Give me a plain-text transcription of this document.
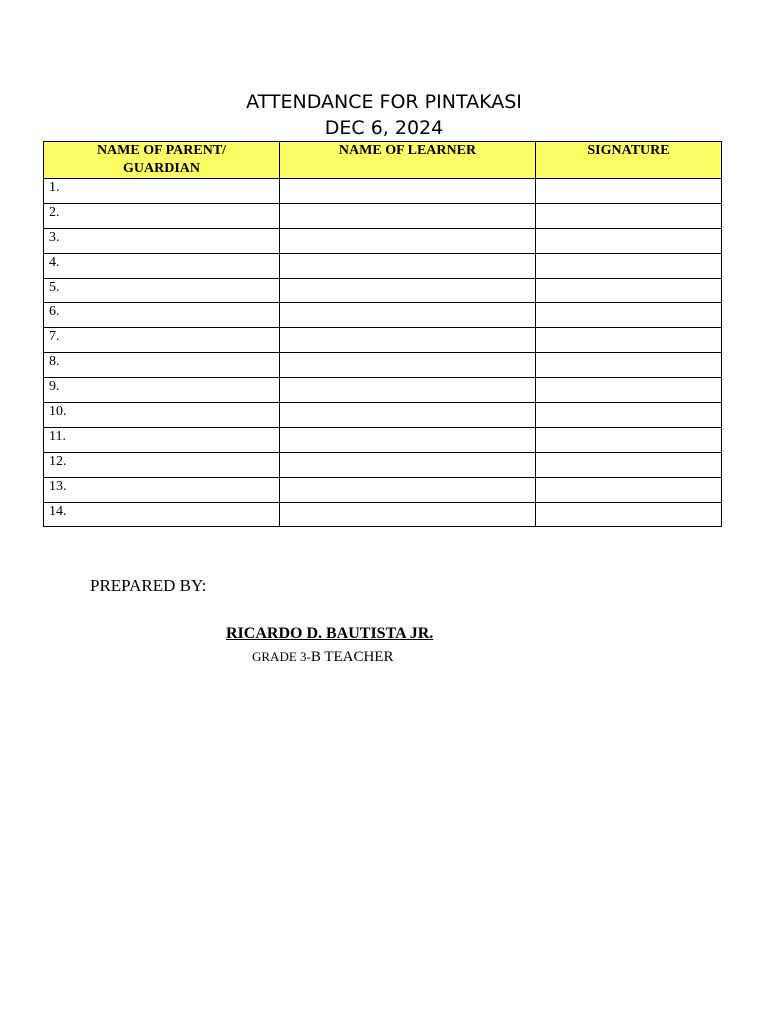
ATTENDANCE FOR PINTAKASI
DEC 6, 2024
NAME OF PARENT/
GUARDIAN	NAME OF LEARNER	SIGNATURE
1.		
2.		
3.		
4.		
5.		
6.		
7.		
8.		
9.		
10.		
11.		
12.		
13.		
14.		
PREPARED BY:
RICARDO D. BAUTISTA JR.
GRADE 3-B TEACHER
